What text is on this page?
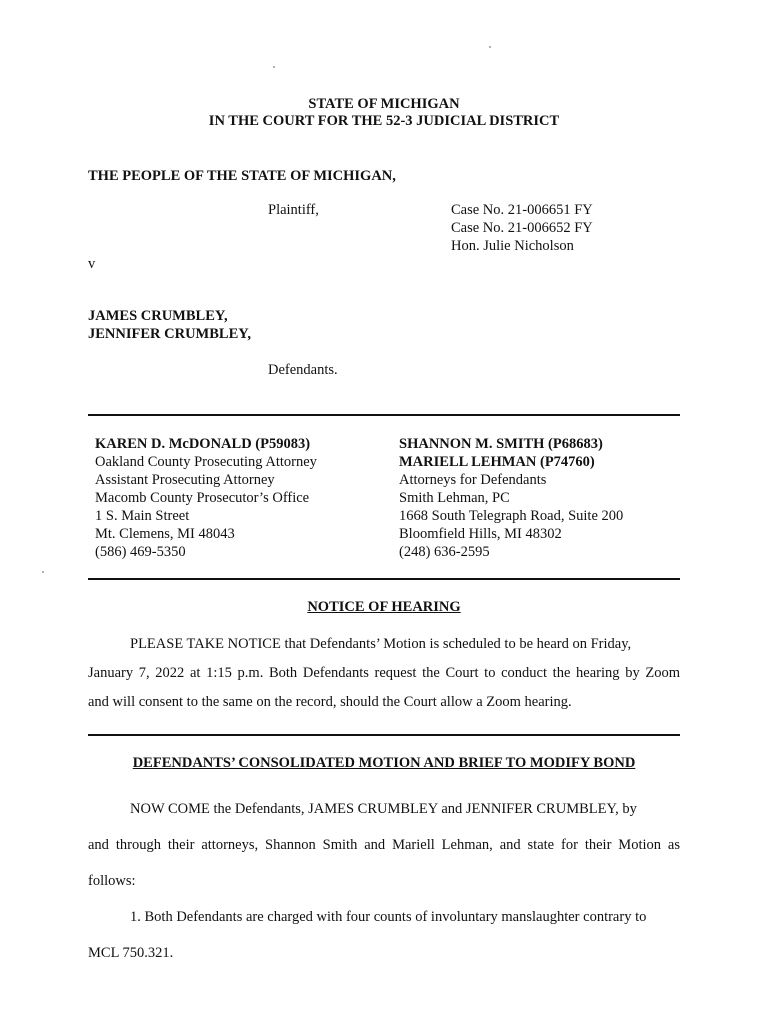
STATE OF MICHIGAN
IN THE COURT FOR THE 52-3 JUDICIAL DISTRICT
THE PEOPLE OF THE STATE OF MICHIGAN,
Plaintiff,	Case No. 21-006651 FY
Case No. 21-006652 FY
Hon. Julie Nicholson
v
JAMES CRUMBLEY,
JENNIFER CRUMBLEY,
Defendants.
KAREN D. McDONALD (P59083)
Oakland County Prosecuting Attorney
Assistant Prosecuting Attorney
Macomb County Prosecutor’s Office
1 S. Main Street
Mt. Clemens, MI 48043
(586) 469-5350
SHANNON M. SMITH (P68683)
MARIELL LEHMAN (P74760)
Attorneys for Defendants
Smith Lehman, PC
1668 South Telegraph Road, Suite 200
Bloomfield Hills, MI 48302
(248) 636-2595
NOTICE OF HEARING
PLEASE TAKE NOTICE that Defendants’ Motion is scheduled to be heard on Friday,
January 7, 2022 at 1:15 p.m. Both Defendants request the Court to conduct the hearing by Zoom
and will consent to the same on the record, should the Court allow a Zoom hearing.
DEFENDANTS’ CONSOLIDATED MOTION AND BRIEF TO MODIFY BOND
NOW COME the Defendants, JAMES CRUMBLEY and JENNIFER CRUMBLEY, by
and through their attorneys, Shannon Smith and Mariell Lehman, and state for their Motion as
follows:
1. Both Defendants are charged with four counts of involuntary manslaughter contrary to
MCL 750.321.
